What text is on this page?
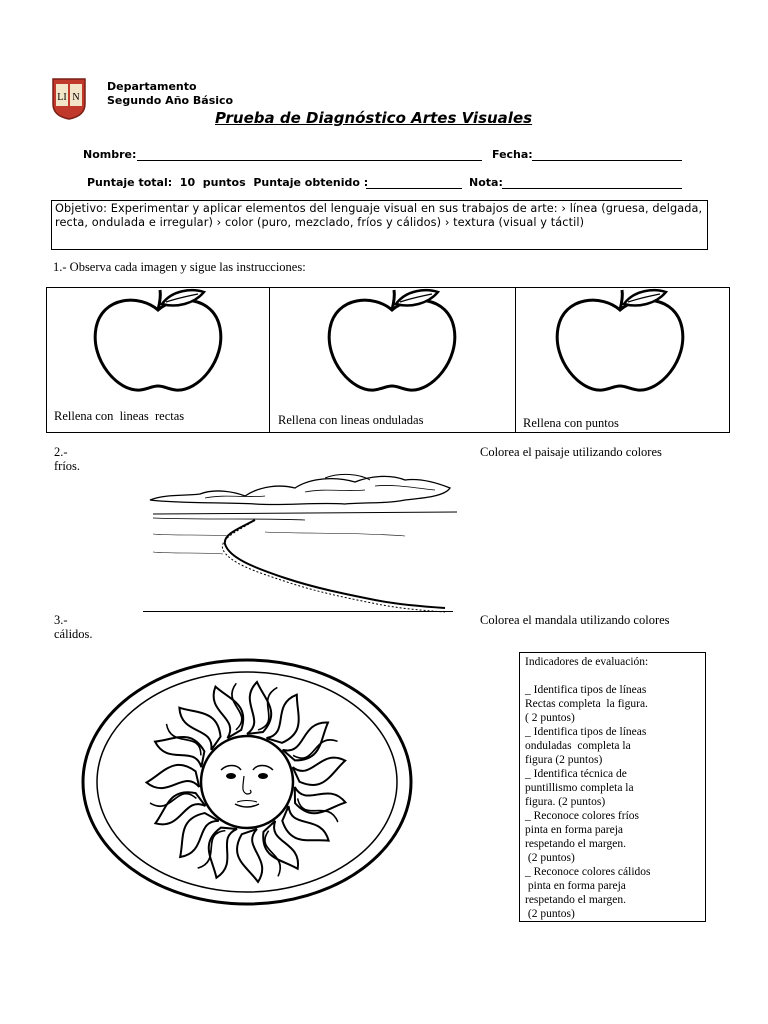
LI N
Departamento
Segundo Año Básico
Prueba de Diagnóstico Artes Visuales
Nombre:	Fecha:
Puntaje total:  10  puntos  Puntaje obtenido :	Nota:
Objetivo: Experimentar y aplicar elementos del lenguaje visual en sus trabajos de arte: › línea (gruesa, delgada, recta, ondulada e irregular) › color (puro, mezclado, fríos y cálidos) › textura (visual y táctil)
1.- Observa cada imagen y sigue las instrucciones:
Rellena con  lineas  rectas	Rellena con lineas onduladas	Rellena con puntos
2.-	Colorea el paisaje utilizando colores
fríos.
3.-	Colorea el mandala utilizando colores
cálidos.
Indicadores de evaluación:
_ Identifica tipos de líneas
Rectas completa  la figura.
( 2 puntos)
_ Identifica tipos de líneas
onduladas  completa la
figura (2 puntos)
_ Identifica técnica de
puntillismo completa la
figura. (2 puntos)
_ Reconoce colores fríos
pinta en forma pareja
respetando el margen.
(2 puntos)
_ Reconoce colores cálidos
pinta en forma pareja
respetando el margen.
(2 puntos)
